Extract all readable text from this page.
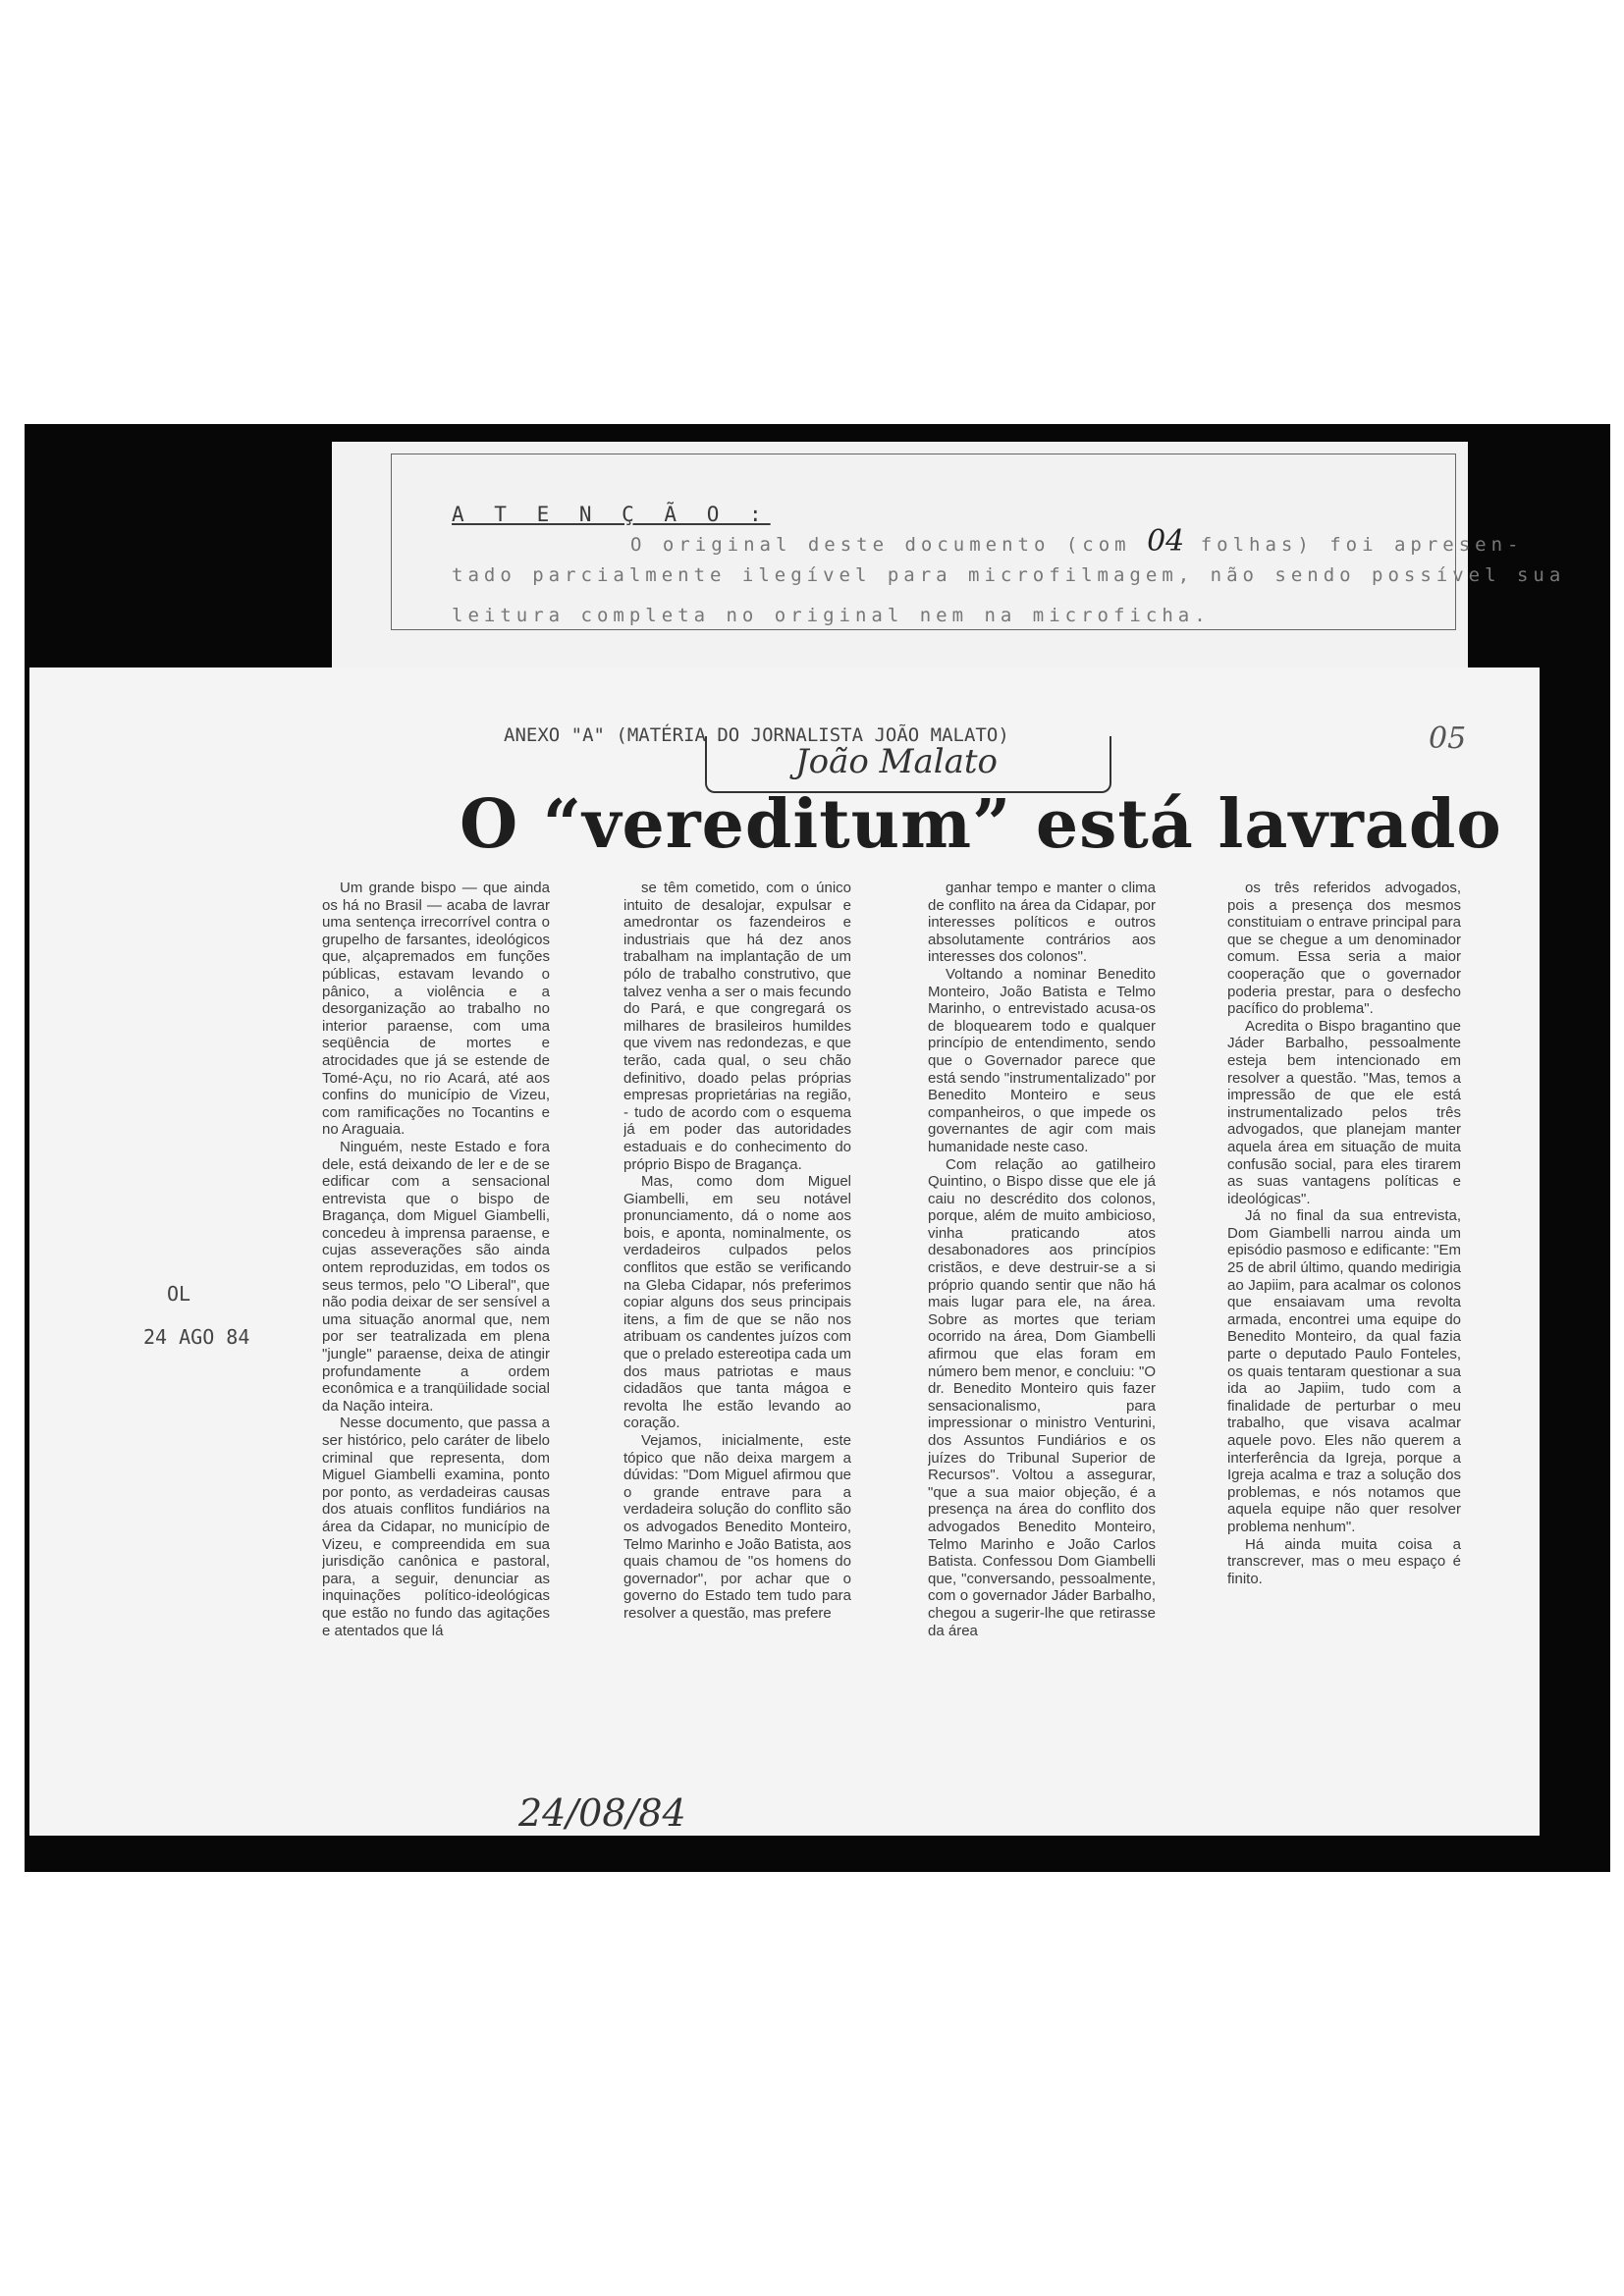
A T E N Ç Ã O :
O original deste documento (com 04 folhas) foi apresen-
tado parcialmente ilegível para microfilmagem, não sendo possível sua
leitura completa no original nem na microficha.
ANEXO "A" (MATÉRIA DO JORNALISTA JOÃO MALATO)
João Malato
05
O “vereditum” está lavrado
OL
24 AGO 84

Um grande bispo — que ainda os há no Brasil — acaba de lavrar uma sentença irrecorrível contra o grupelho de farsantes, ideológicos que, alçapremados em funções públicas, estavam levando o pânico, a violência e a desorganização ao trabalho no interior paraense, com uma seqüência de mortes e atrocidades que já se estende de Tomé-Açu, no rio Acará, até aos confins do município de Vizeu, com ramificações no Tocantins e no Araguaia.

Ninguém, neste Estado e fora dele, está deixando de ler e de se edificar com a sensacional entrevista que o bispo de Bragança, dom Miguel Giambelli, concedeu à imprensa paraense, e cujas asseverações são ainda ontem reproduzidas, em todos os seus termos, pelo "O Liberal", que não podia deixar de ser sensível a uma situação anormal que, nem por ser teatralizada em plena "jungle" paraense, deixa de atingir profundamente a ordem econômica e a tranqüilidade social da Nação inteira.

Nesse documento, que passa a ser histórico, pelo caráter de libelo criminal que representa, dom Miguel Giambelli examina, ponto por ponto, as verdadeiras causas dos atuais conflitos fundiários na área da Cidapar, no município de Vizeu, e compreendida em sua jurisdição canônica e pastoral, para, a seguir, denunciar as inquinações político-ideológicas que estão no fundo das agitações e atentados que lá

se têm cometido, com o único intuito de desalojar, expulsar e amedrontar os fazendeiros e industriais que há dez anos trabalham na implantação de um pólo de trabalho construtivo, que talvez venha a ser o mais fecundo do Pará, e que congregará os milhares de brasileiros humildes que vivem nas redondezas, e que terão, cada qual, o seu chão definitivo, doado pelas próprias empresas proprietárias na região, - tudo de acordo com o esquema já em poder das autoridades estaduais e do conhecimento do próprio Bispo de Bragança.

Mas, como dom Miguel Giambelli, em seu notável pronunciamento, dá o nome aos bois, e aponta, nominalmente, os verdadeiros culpados pelos conflitos que estão se verificando na Gleba Cidapar, nós preferimos copiar alguns dos seus principais itens, a fim de que se não nos atribuam os candentes juízos com que o prelado estereotipa cada um dos maus patriotas e maus cidadãos que tanta mágoa e revolta lhe estão levando ao coração.

Vejamos, inicialmente, este tópico que não deixa margem a dúvidas: "Dom Miguel afirmou que o grande entrave para a verdadeira solução do conflito são os advogados Benedito Monteiro, Telmo Marinho e João Batista, aos quais chamou de "os homens do governador", por achar que o governo do Estado tem tudo para resolver a questão, mas prefere

ganhar tempo e manter o clima de conflito na área da Cidapar, por interesses políticos e outros absolutamente contrários aos interesses dos colonos".

Voltando a nominar Benedito Monteiro, João Batista e Telmo Marinho, o entrevistado acusa-os de bloquearem todo e qualquer princípio de entendimento, sendo que o Governador parece que está sendo "instrumentalizado" por Benedito Monteiro e seus companheiros, o que impede os governantes de agir com mais humanidade neste caso.

Com relação ao gatilheiro Quintino, o Bispo disse que ele já caiu no descrédito dos colonos, porque, além de muito ambicioso, vinha praticando atos desabonadores aos princípios cristãos, e deve destruir-se a si próprio quando sentir que não há mais lugar para ele, na área. Sobre as mortes que teriam ocorrido na área, Dom Giambelli afirmou que elas foram em número bem menor, e concluiu: "O dr. Benedito Monteiro quis fazer sensacionalismo, para impressionar o ministro Venturini, dos Assuntos Fundiários e os juízes do Tribunal Superior de Recursos". Voltou a assegurar, "que a sua maior objeção, é a presença na área do conflito dos advogados Benedito Monteiro, Telmo Marinho e João Carlos Batista. Confessou Dom Giambelli que, "conversando, pessoalmente, com o governador Jáder Barbalho, chegou a sugerir-lhe que retirasse da área

os três referidos advogados, pois a presença dos mesmos constituiam o entrave principal para que se chegue a um denominador comum. Essa seria a maior cooperação que o governador poderia prestar, para o desfecho pacífico do problema".

Acredita o Bispo bragantino que Jáder Barbalho, pessoalmente esteja bem intencionado em resolver a questão. "Mas, temos a impressão de que ele está instrumentalizado pelos três advogados, que planejam manter aquela área em situação de muita confusão social, para eles tirarem as suas vantagens políticas e ideológicas".

Já no final da sua entrevista, Dom Giambelli narrou ainda um episódio pasmoso e edificante: "Em 25 de abril último, quando medirigia ao Japiim, para acalmar os colonos que ensaiavam uma revolta armada, encontrei uma equipe do Benedito Monteiro, da qual fazia parte o deputado Paulo Fonteles, os quais tentaram questionar a sua ida ao Japiim, tudo com a finalidade de perturbar o meu trabalho, que visava acalmar aquele povo. Eles não querem a interferência da Igreja, porque a Igreja acalma e traz a solução dos problemas, e nós notamos que aquela equipe não quer resolver problema nenhum".

Há ainda muita coisa a transcrever, mas o meu espaço é finito.

24/08/84
